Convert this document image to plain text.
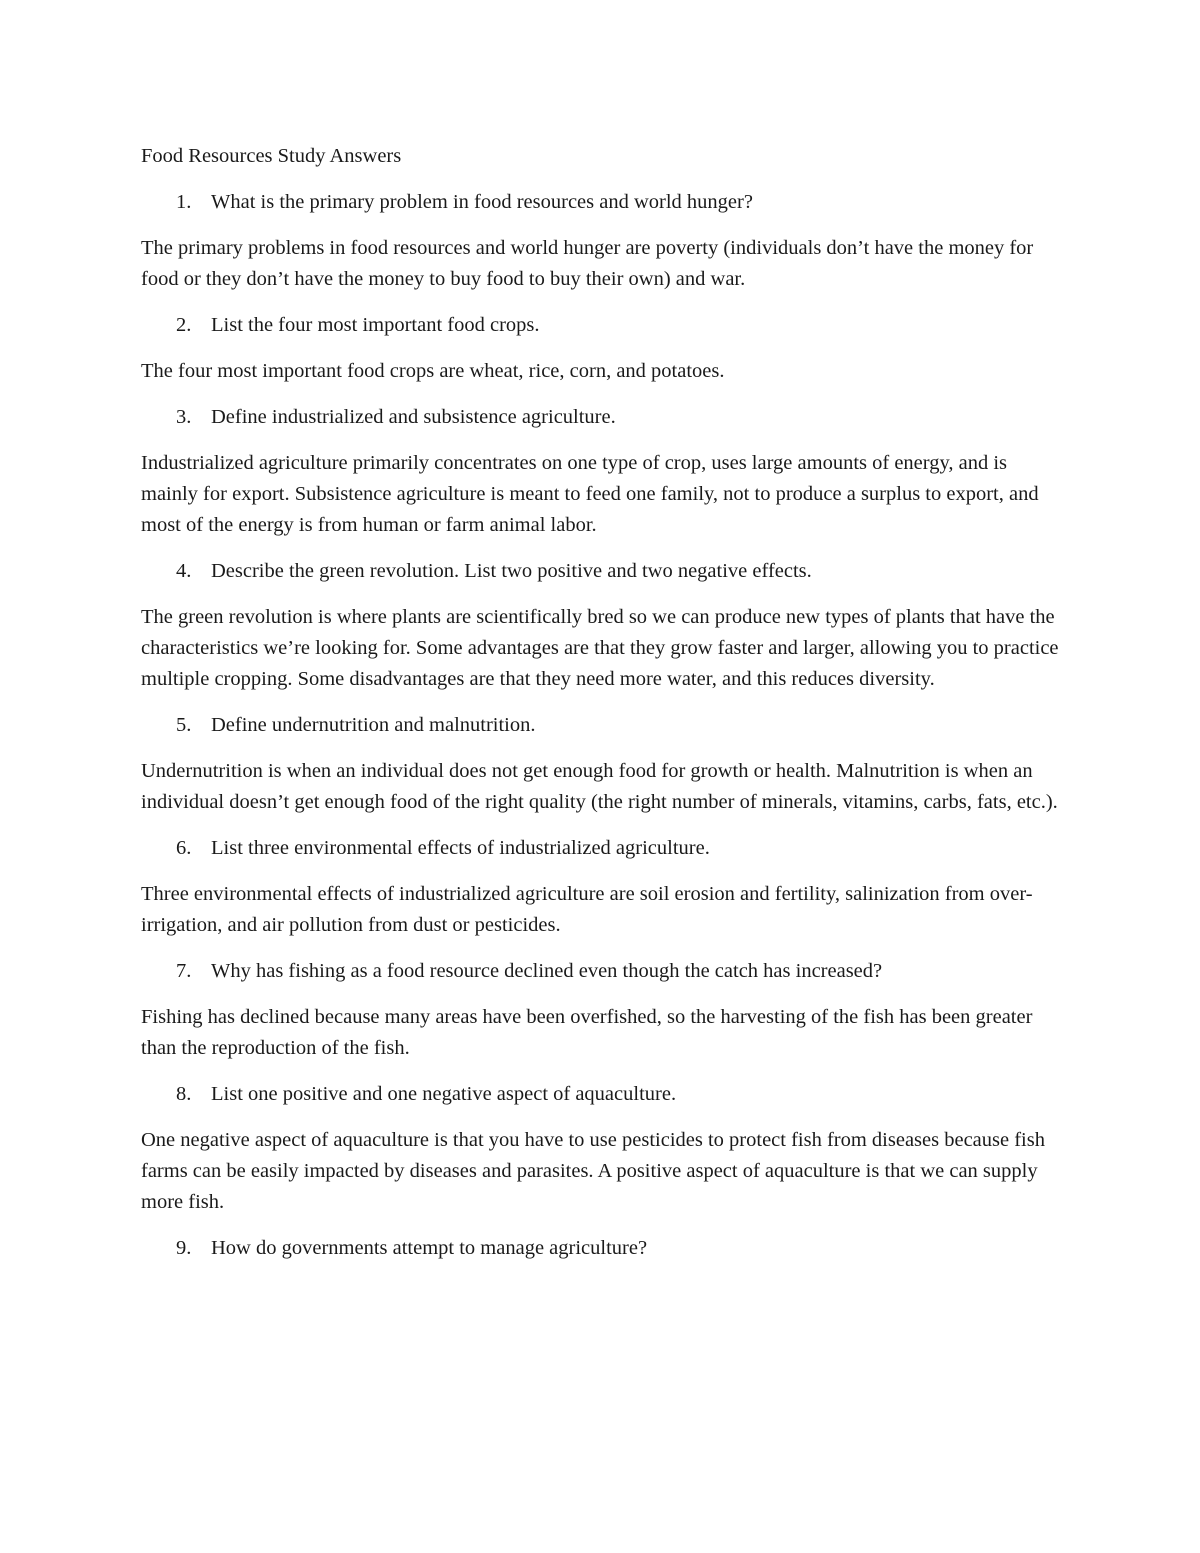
Food Resources Study Answers
1. What is the primary problem in food resources and world hunger?

The primary problems in food resources and world hunger are poverty (individuals don’t have the money for food or they don’t have the money to buy food to buy their own) and war.

2. List the four most important food crops.

The four most important food crops are wheat, rice, corn, and potatoes.

3. Define industrialized and subsistence agriculture.

Industrialized agriculture primarily concentrates on one type of crop, uses large amounts of energy, and is mainly for export. Subsistence agriculture is meant to feed one family, not to produce a surplus to export, and most of the energy is from human or farm animal labor.

4. Describe the green revolution. List two positive and two negative effects.

The green revolution is where plants are scientifically bred so we can produce new types of plants that have the characteristics we’re looking for. Some advantages are that they grow faster and larger, allowing you to practice multiple cropping. Some disadvantages are that they need more water, and this reduces diversity.

5. Define undernutrition and malnutrition.

Undernutrition is when an individual does not get enough food for growth or health. Malnutrition is when an individual doesn’t get enough food of the right quality (the right number of minerals, vitamins, carbs, fats, etc.).

6. List three environmental effects of industrialized agriculture.

Three environmental effects of industrialized agriculture are soil erosion and fertility, salinization from over-irrigation, and air pollution from dust or pesticides.

7. Why has fishing as a food resource declined even though the catch has increased?

Fishing has declined because many areas have been overfished, so the harvesting of the fish has been greater than the reproduction of the fish.

8. List one positive and one negative aspect of aquaculture.

One negative aspect of aquaculture is that you have to use pesticides to protect fish from diseases because fish farms can be easily impacted by diseases and parasites. A positive aspect of aquaculture is that we can supply more fish.

9. How do governments attempt to manage agriculture?
